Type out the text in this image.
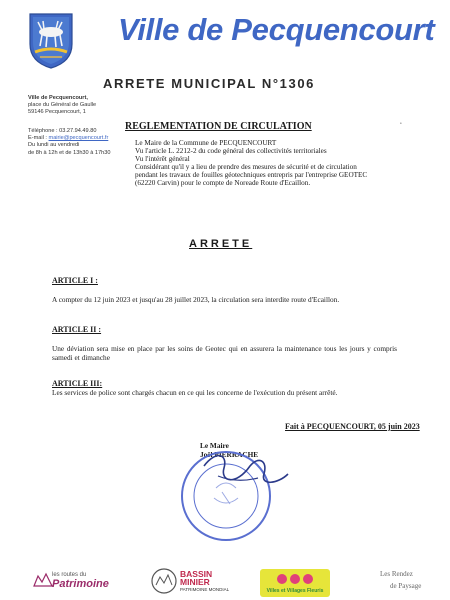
Ville de Pecquencourt
ARRETE MUNICIPAL N°1306
Ville de Pecquencourt,
place du Général de Gaulle
59146 Pecquencourt, 1
Téléphone : 03.27.94.49.80
E-mail : mairie@pecquencourt.fr
Du lundi au vendredi
de 8h à 12h et de 13h30 à 17h30
REGLEMENTATION DE CIRCULATION	•
Le Maire de la Commune de PECQUENCOURT
Vu l'article L. 2212-2 du code général des collectivités territoriales
Vu l'intérêt général
Considérant qu'il y a lieu de prendre des mesures de sécurité et de circulation pendant les travaux de fouilles géotechniques entrepris par l'entreprise GEOTEC (62220 Carvin) pour le compte de Noreade Route d'Ecaillon.
ARRETE
ARTICLE I :
A compter du 12 juin 2023 et jusqu'au 28 juillet 2023, la circulation sera interdite route d'Ecaillon.
ARTICLE II :
Une déviation sera mise en place par les soins de Geotec qui en assurera la maintenance tous les jours y compris samedi et dimanche
ARTICLE III:
Les services de police sont chargés chacun en ce qui les concerne de l'exécution du présent arrêté.
Fait à PECQUENCOURT, 05 juin 2023
Le Maire
Joël PIERRACHE
les routes du
Patrimoine
BASSIN
MINIER
PATRIMOINE MONDIAL	Villes et Villages Fleuris
Les Rendez
de Paysage
